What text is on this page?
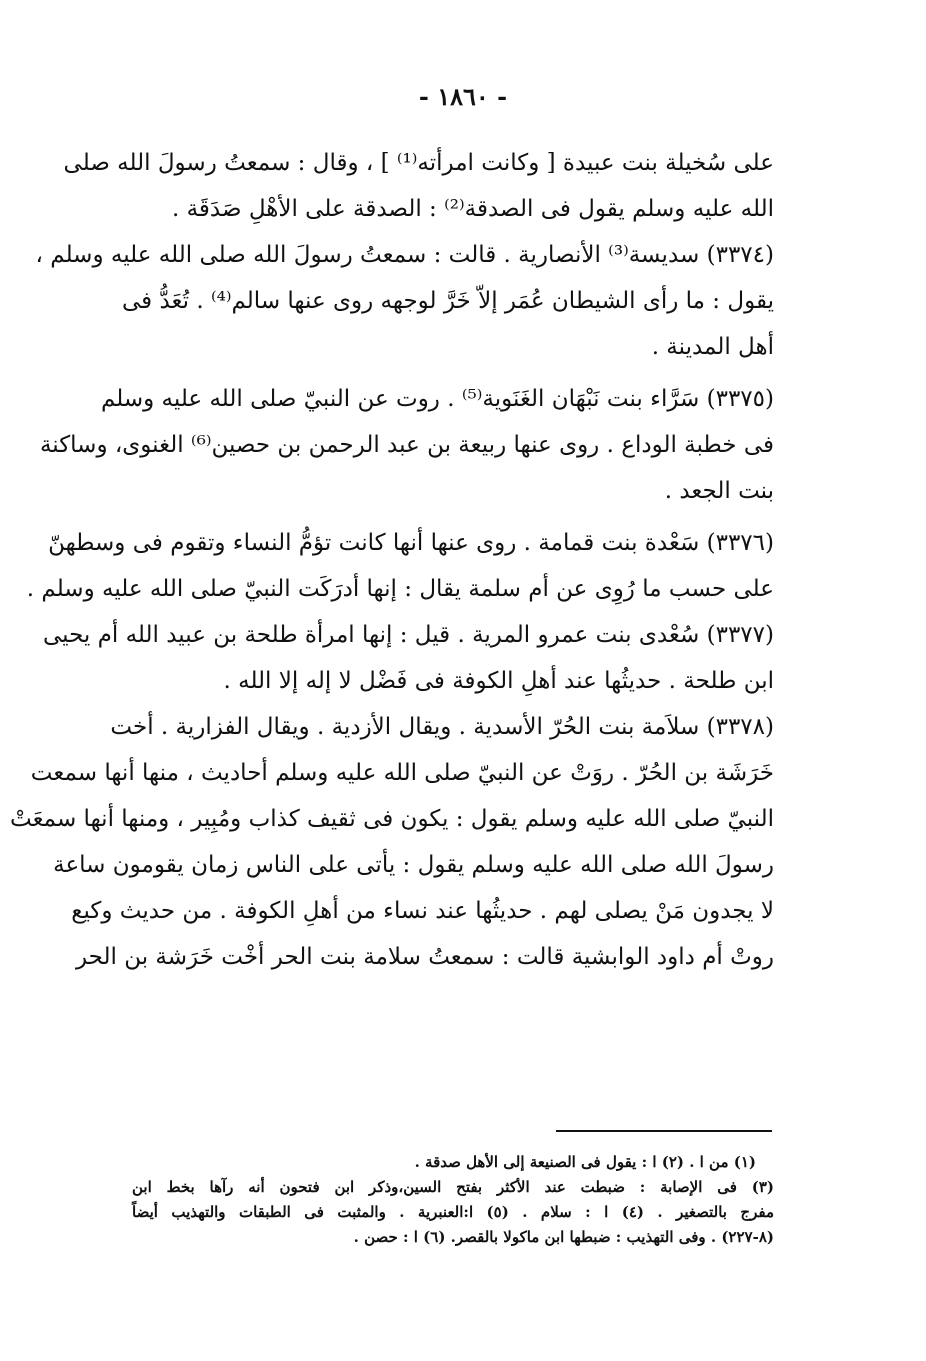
- ١٨٦٠ -
على سُخيلة بنت عبيدة [ وكانت امرأته⁽¹⁾ ] ، وقال : سمعتُ رسولَ الله صلى
الله عليه وسلم يقول فى الصدقة⁽²⁾ : الصدقة على الأهْلِ صَدَقَة .
(٣٣٧٤) سديسة⁽³⁾ الأنصارية . قالت : سمعتُ رسولَ الله صلى الله عليه وسلم ،
يقول : ما رأى الشيطان عُمَر إلاّ خَرَّ لوجهه روى عنها سالم⁽⁴⁾ . تُعَدُّ فى
أهل المدينة .
(٣٣٧٥) سَرَّاء بنت نَبْهَان الغَنَوية⁽⁵⁾ . روت عن النبيّ صلى الله عليه وسلم
فى خطبة الوداع . روى عنها ربيعة بن عبد الرحمن بن حصين⁽⁶⁾ الغنوى، وساكنة
بنت الجعد .
(٣٣٧٦) سَعْدة بنت قمامة . روى عنها أنها كانت تؤمُّ النساء وتقوم فى وسطهنّ
على حسب ما رُوِى عن أم سلمة يقال : إنها أدرَكَت النبيّ صلى الله عليه وسلم .
(٣٣٧٧) سُعْدى بنت عمرو المرية . قيل : إنها امرأة طلحة بن عبيد الله أم يحيى
ابن طلحة . حديثُها عند أهلِ الكوفة فى فَضْل لا إله إلا الله .
(٣٣٧٨) سلاَمة بنت الحُرّ الأسدية . ويقال الأزدية . ويقال الفزارية . أخت
خَرَشَة بن الحُرّ . روَتْ عن النبيّ صلى الله عليه وسلم أحاديث ، منها أنها سمعت
النبيّ صلى الله عليه وسلم يقول : يكون فى ثقيف كذاب ومُبِير ، ومنها أنها سمعَتْ
رسولَ الله صلى الله عليه وسلم يقول : يأتى على الناس زمان يقومون ساعة
لا يجدون مَنْ يصلى لهم . حديثُها عند نساء من أهلِ الكوفة . من حديث وكيع
روتْ أم داود الوابشية قالت : سمعتُ سلامة بنت الحر أخْت خَرَشة بن الحر
(١) من ا . (٢) ا : يقول فى الصنيعة إلى الأهل صدقة .
(٣) فى الإصابة : ضبطت عند الأكثر بفتح السين،وذكر ابن فتحون أنه رآها بخط ابن
مفرج بالتصغير . (٤) ا : سلام . (٥) ا:العنبرية . والمثبت فى الطبقات والتهذيب أيضاً
(٨-٢٢٧) . وفى التهذيب : ضبطها ابن ماكولا بالقصر. (٦) ا : حصن .
